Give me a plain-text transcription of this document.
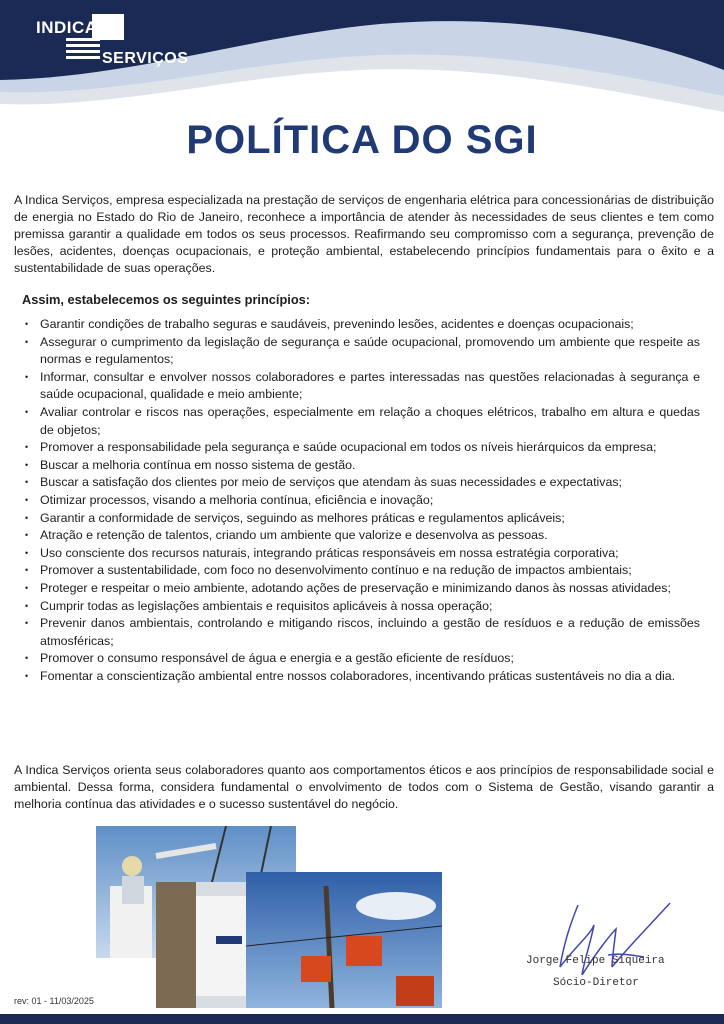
INDICA
SERVIÇOS
POLÍTICA DO SGI

A Indica Serviços, empresa especializada na prestação de serviços de engenharia elétrica para concessionárias de distribuição de energia no Estado do Rio de Janeiro, reconhece a importância de atender às necessidades de seus clientes e tem como premissa garantir a qualidade em todos os seus processos. Reafirmando seu compromisso com a segurança, prevenção de lesões, acidentes, doenças ocupacionais, e proteção ambiental, estabelecendo princípios fundamentais para o êxito e a sustentabilidade de suas operações.

Assim, estabelecemos os seguintes princípios:

• Garantir condições de trabalho seguras e saudáveis, prevenindo lesões, acidentes e doenças ocupacionais;
• Assegurar o cumprimento da legislação de segurança e saúde ocupacional, promovendo um ambiente que respeite as normas e regulamentos;
• Informar, consultar e envolver nossos colaboradores e partes interessadas nas questões relacionadas à segurança e saúde ocupacional, qualidade e meio ambiente;
• Avaliar controlar e riscos nas operações, especialmente em relação a choques elétricos, trabalho em altura e quedas de objetos;
• Promover a responsabilidade pela segurança e saúde ocupacional em todos os níveis hierárquicos da empresa;
• Buscar a melhoria contínua em nosso sistema de gestão.
• Buscar a satisfação dos clientes por meio de serviços que atendam às suas necessidades e expectativas;
• Otimizar processos, visando a melhoria contínua, eficiência e inovação;
• Garantir a conformidade de serviços, seguindo as melhores práticas e regulamentos aplicáveis;
• Atração e retenção de talentos, criando um ambiente que valorize e desenvolva as pessoas.
• Uso consciente dos recursos naturais, integrando práticas responsáveis em nossa estratégia corporativa;
• Promover a sustentabilidade, com foco no desenvolvimento contínuo e na redução de impactos ambientais;
• Proteger e respeitar o meio ambiente, adotando ações de preservação e minimizando danos às nossas atividades;
• Cumprir todas as legislações ambientais e requisitos aplicáveis à nossa operação;
• Prevenir danos ambientais, controlando e mitigando riscos, incluindo a gestão de resíduos e a redução de emissões atmosféricas;
• Promover o consumo responsável de água e energia e a gestão eficiente de resíduos;
• Fomentar a conscientização ambiental entre nossos colaboradores, incentivando práticas sustentáveis no dia a dia.

A Indica Serviços orienta seus colaboradores quanto aos comportamentos éticos e aos princípios de responsabilidade social e ambiental. Dessa forma, considera fundamental o envolvimento de todos com o Sistema de Gestão, visando garantir a melhoria contínua das atividades e o sucesso sustentável do negócio.

Jorge Felipe Siqueira
Sócio-Diretor
rev: 01 - 11/03/2025
